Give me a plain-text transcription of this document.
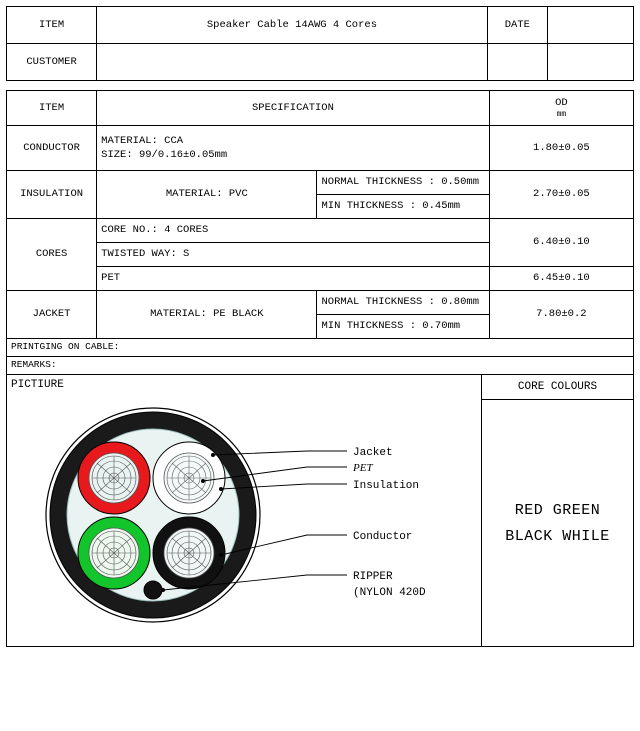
ITEM	Speaker Cable 14AWG 4 Cores	DATE	
CUSTOMER			
ITEM	SPECIFICATION		OD
mm

CONDUCTOR	MATERIAL: CCA
SIZE: 99/0.16±0.05mm		1.80±0.05
INSULATION	MATERIAL: PVC	NORMAL THICKNESS : 0.50mm	2.70±0.05
		MIN THICKNESS : 0.45mm	
CORES	CORE NO.: 4 CORES		6.40±0.10
	TWISTED WAY: S		
	PET		6.45±0.10
JACKET	MATERIAL: PE BLACK	NORMAL THICKNESS : 0.80mm	7.80±0.2
		MIN THICKNESS : 0.70mm	
PRINTGING ON CABLE:			
REMARKS:			
PICTIURE	CORE COLOURS
RED GREEN
BLACK WHILE
Jacket
PET
Insulation
Conductor
RIPPER
(NYLON 420D
